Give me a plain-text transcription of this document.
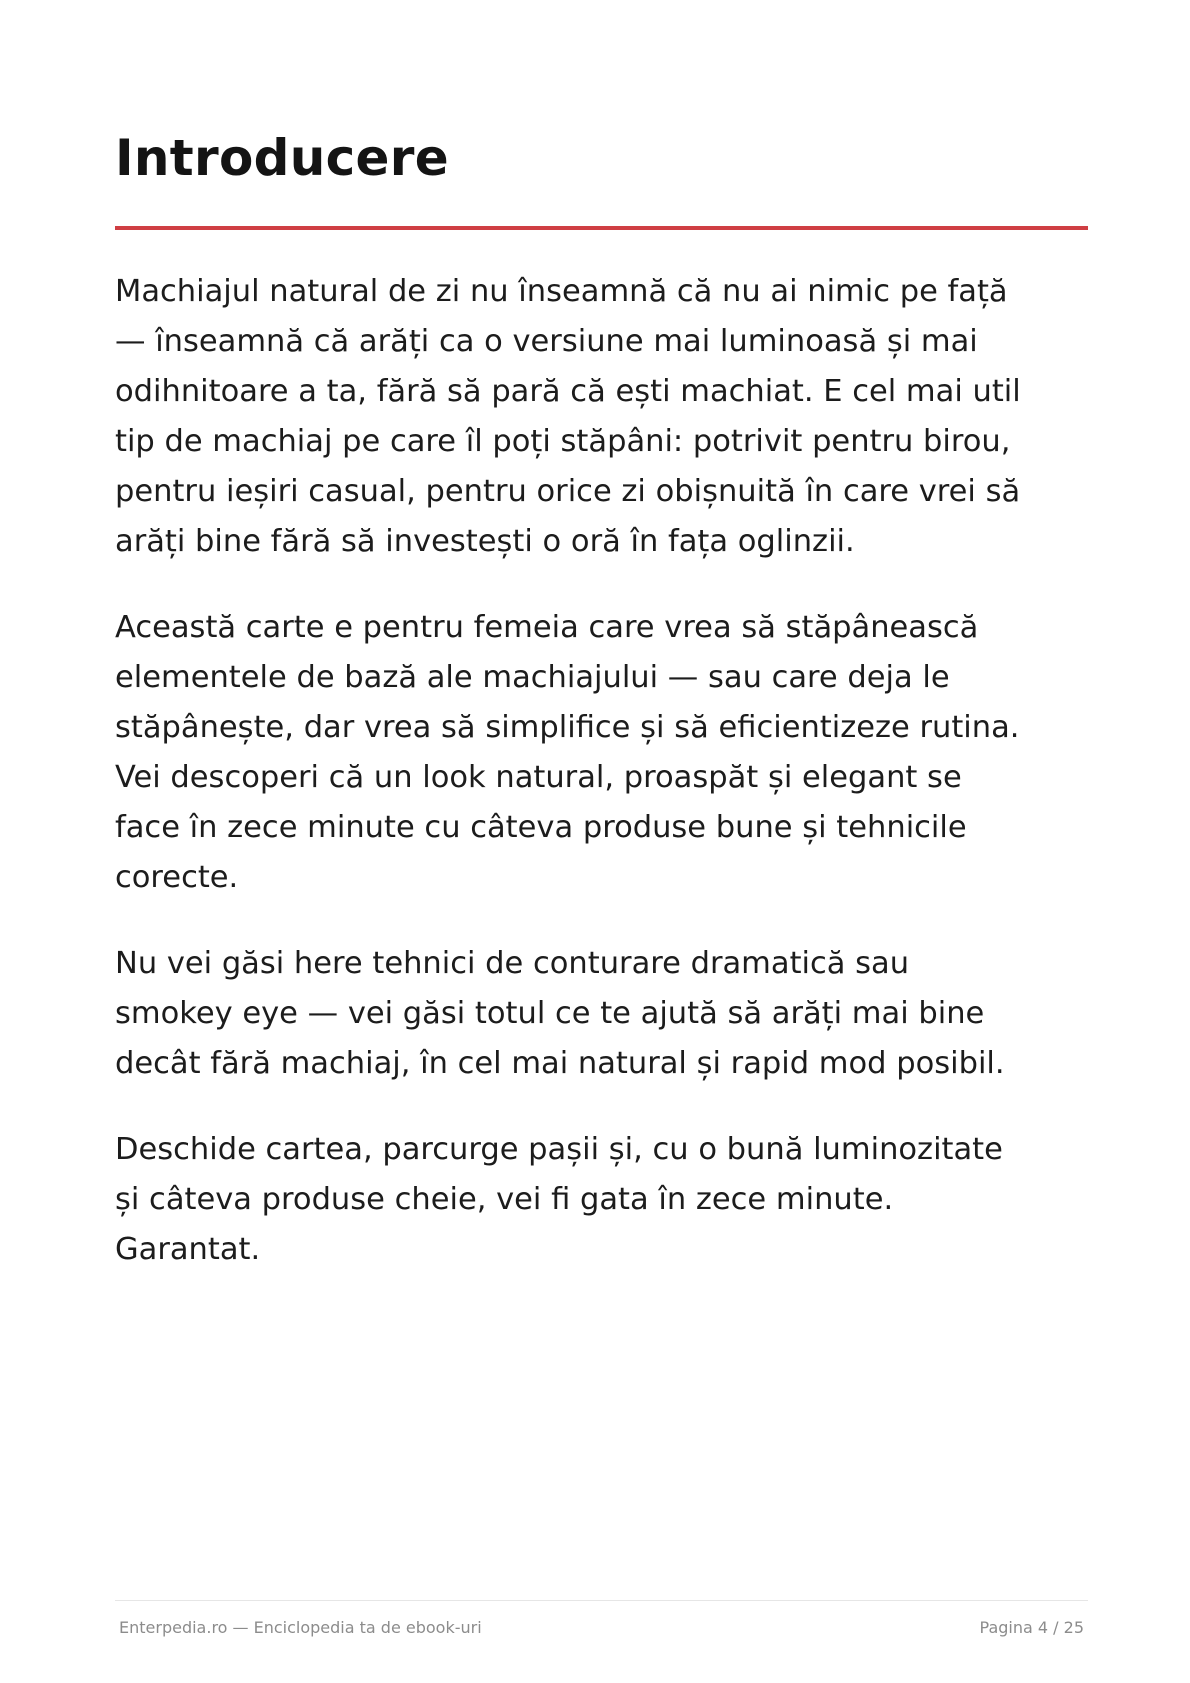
Introducere

Machiajul natural de zi nu înseamnă că nu ai nimic pe față
— înseamnă că arăți ca o versiune mai luminoasă și mai
odihnitoare a ta, fără să pară că ești machiat. E cel mai util
tip de machiaj pe care îl poți stăpâni: potrivit pentru birou,
pentru ieșiri casual, pentru orice zi obișnuită în care vrei să
arăți bine fără să investești o oră în fața oglinzii.

Această carte e pentru femeia care vrea să stăpânească
elementele de bază ale machiajului — sau care deja le
stăpânește, dar vrea să simplifice și să eficientizeze rutina.
Vei descoperi că un look natural, proaspăt și elegant se
face în zece minute cu câteva produse bune și tehnicile
corecte.

Nu vei găsi here tehnici de conturare dramatică sau
smokey eye — vei găsi totul ce te ajută să arăți mai bine
decât fără machiaj, în cel mai natural și rapid mod posibil.

Deschide cartea, parcurge pașii și, cu o bună luminozitate
și câteva produse cheie, vei fi gata în zece minute.
Garantat.

Enterpedia.ro — Enciclopedia ta de ebook-uri	Pagina 4 / 25
